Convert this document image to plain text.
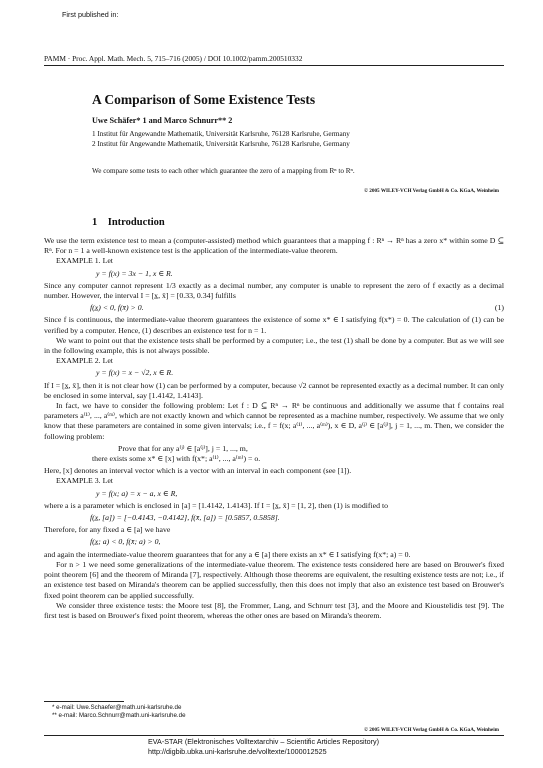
First published in:
PAMM · Proc. Appl. Math. Mech. 5, 715–716 (2005) / DOI 10.1002/pamm.200510332
A Comparison of Some Existence Tests
Uwe Schäfer* 1 and Marco Schnurr** 2
1 Institut für Angewandte Mathematik, Universität Karlsruhe, 76128 Karlsruhe, Germany
2 Institut für Angewandte Mathematik, Universität Karlsruhe, 76128 Karlsruhe, Germany
We compare some tests to each other which guarantee the zero of a mapping from Rⁿ to Rⁿ.
© 2005 WILEY-VCH Verlag GmbH & Co. KGaA, Weinheim
1 Introduction

We use the term existence test to mean a (computer-assisted) method which guarantees that a mapping f : Rⁿ → Rⁿ has a zero x* within some D ⊆ Rⁿ. For n = 1 a well-known existence test is the application of the intermediate-value theorem.

EXAMPLE 1. Let

y = f(x) = 3x − 1, x ∈ R.

Since any computer cannot represent 1/3 exactly as a decimal number, any computer is unable to represent the zero of f exactly as a decimal number. However, the interval I = [x̲, x̄] = [0.33, 0.34] fulfills

f(x̲) < 0, f(x̄) > 0.	(1)

Since f is continuous, the intermediate-value theorem guarantees the existence of some x* ∈ I satisfying f(x*) = 0. The calculation of (1) can be verified by a computer. Hence, (1) describes an existence test for n = 1.

We want to point out that the existence tests shall be performed by a computer; i.e., the test (1) shall be done by a computer. But as we will see in the following example, this is not always possible.

EXAMPLE 2. Let

y = f(x) = x − √2, x ∈ R.

If I = [x̲, x̄], then it is not clear how (1) can be performed by a computer, because √2 cannot be represented exactly as a decimal number. It can only be enclosed in some interval, say [1.4142, 1.4143].

In fact, we have to consider the following problem: Let f : D ⊆ Rⁿ → Rⁿ be continuous and additionally we assume that f contains real parameters a⁽¹⁾, ..., a⁽ᵐ⁾, which are not exactly known and which cannot be represented as a machine number, respectively. We assume that we only know that these parameters are contained in some given intervals; i.e., f = f(x; a⁽¹⁾, ..., a⁽ᵐ⁾), x ∈ D, a⁽ʲ⁾ ∈ [a⁽ʲ⁾], j = 1, ..., m. Then, we consider the following problem:

Prove that for any a⁽ʲ⁾ ∈ [a⁽ʲ⁾], j = 1, ..., m,

there exists some x* ∈ [x] with f(x*; a⁽¹⁾, ..., a⁽ᵐ⁾) = o.

Here, [x] denotes an interval vector which is a vector with an interval in each component (see [1]).

EXAMPLE 3. Let

y = f(x; a) = x − a, x ∈ R,

where a is a parameter which is enclosed in [a] = [1.4142, 1.4143]. If I = [x̲, x̄] = [1, 2], then (1) is modified to

f(x̲, [a]) = [−0.4143, −0.4142], f(x̄, [a]) = [0.5857, 0.5858].

Therefore, for any fixed a ∈ [a] we have

f(x̲; a) < 0, f(x̄; a) > 0,

and again the intermediate-value theorem guarantees that for any a ∈ [a] there exists an x* ∈ I satisfying f(x*; a) = 0.

For n > 1 we need some generalizations of the intermediate-value theorem. The existence tests considered here are based on Brouwer's fixed point theorem [6] and the theorem of Miranda [7], respectively. Although those theorems are equivalent, the resulting existence tests are not; i.e., if an existence test based on Miranda's theorem can be applied successfully, then this does not imply that also an existence test based on Brouwer's fixed point theorem can be applied successfully.

We consider three existence tests: the Moore test [8], the Frommer, Lang, and Schnurr test [3], and the Moore and Kioustelidis test [9]. The first test is based on Brouwer's fixed point theorem, whereas the other ones are based on Miranda's theorem.

* e-mail: Uwe.Schaefer@math.uni-karlsruhe.de
** e-mail: Marco.Schnurr@math.uni-karlsruhe.de
© 2005 WILEY-VCH Verlag GmbH & Co. KGaA, Weinheim
EVA-STAR (Elektronisches Volltextarchiv – Scientific Articles Repository)
http://digbib.ubka.uni-karlsruhe.de/volltexte/1000012525
